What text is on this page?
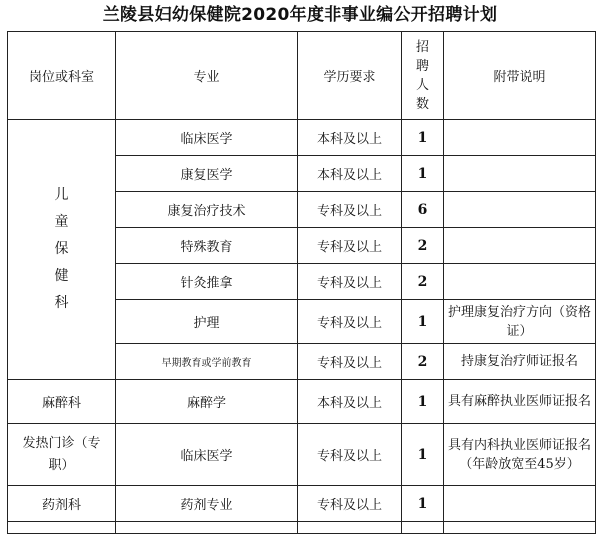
兰陵县妇幼保健院2020年度非事业编公开招聘计划
岗位或科室	专业	学历要求	招聘人数	附带说明
儿童保健科	临床医学	本科及以上	1	
	康复医学	本科及以上	1	
	康复治疗技术	专科及以上	6	
	特殊教育	专科及以上	2	
	针灸推拿	专科及以上	2	
	护理	专科及以上	1	护理康复治疗方向（资格证）
	早期教育或学前教育	专科及以上	2	持康复治疗师证报名
麻醉科	麻醉学	本科及以上	1	具有麻醉执业医师证报名
发热门诊（专职）	临床医学	专科及以上	1	具有内科执业医师证报名（年龄放宽至45岁）
药剂科	药剂专业	专科及以上	1	
